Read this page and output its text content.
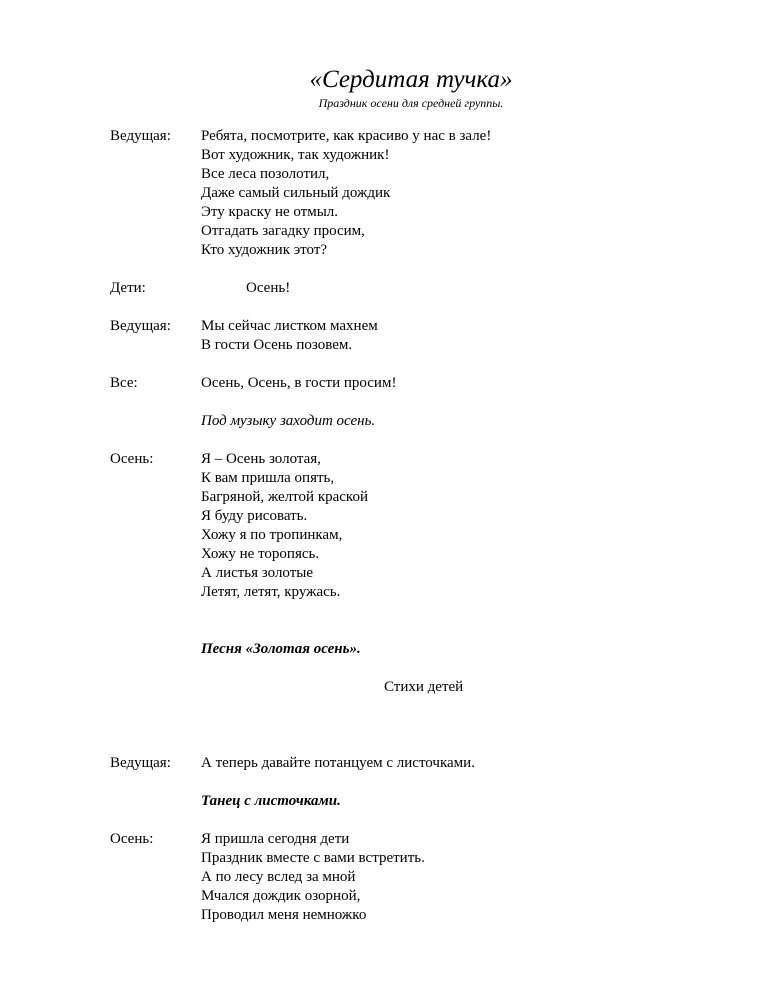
«Сердитая тучка»
Праздник осени для средней группы.
Ведущая: Ребята, посмотрите, как красиво у нас в зале!
Вот художник, так художник!
Все леса позолотил,
Даже самый сильный дождик
Эту краску не отмыл.
Отгадать загадку просим,
Кто художник этот?
Дети:	Осень!
Ведущая: Мы сейчас листком махнем
В гости Осень позовем.
Все:	Осень, Осень, в гости просим!
Под музыку заходит осень.
Осень:	Я – Осень золотая,
К вам пришла опять,
Багряной, желтой краской
Я буду рисовать.
Хожу я по тропинкам,
Хожу не торопясь.
А листья золотые
Летят, летят, кружась.
Песня «Золотая осень».
Стихи детей
Ведущая: А теперь давайте потанцуем с листочками.
Танец с листочками.
Осень:	Я пришла сегодня дети
Праздник вместе с вами встретить.
А по лесу вслед за мной
Мчался дождик озорной,
Проводил меня немножко
